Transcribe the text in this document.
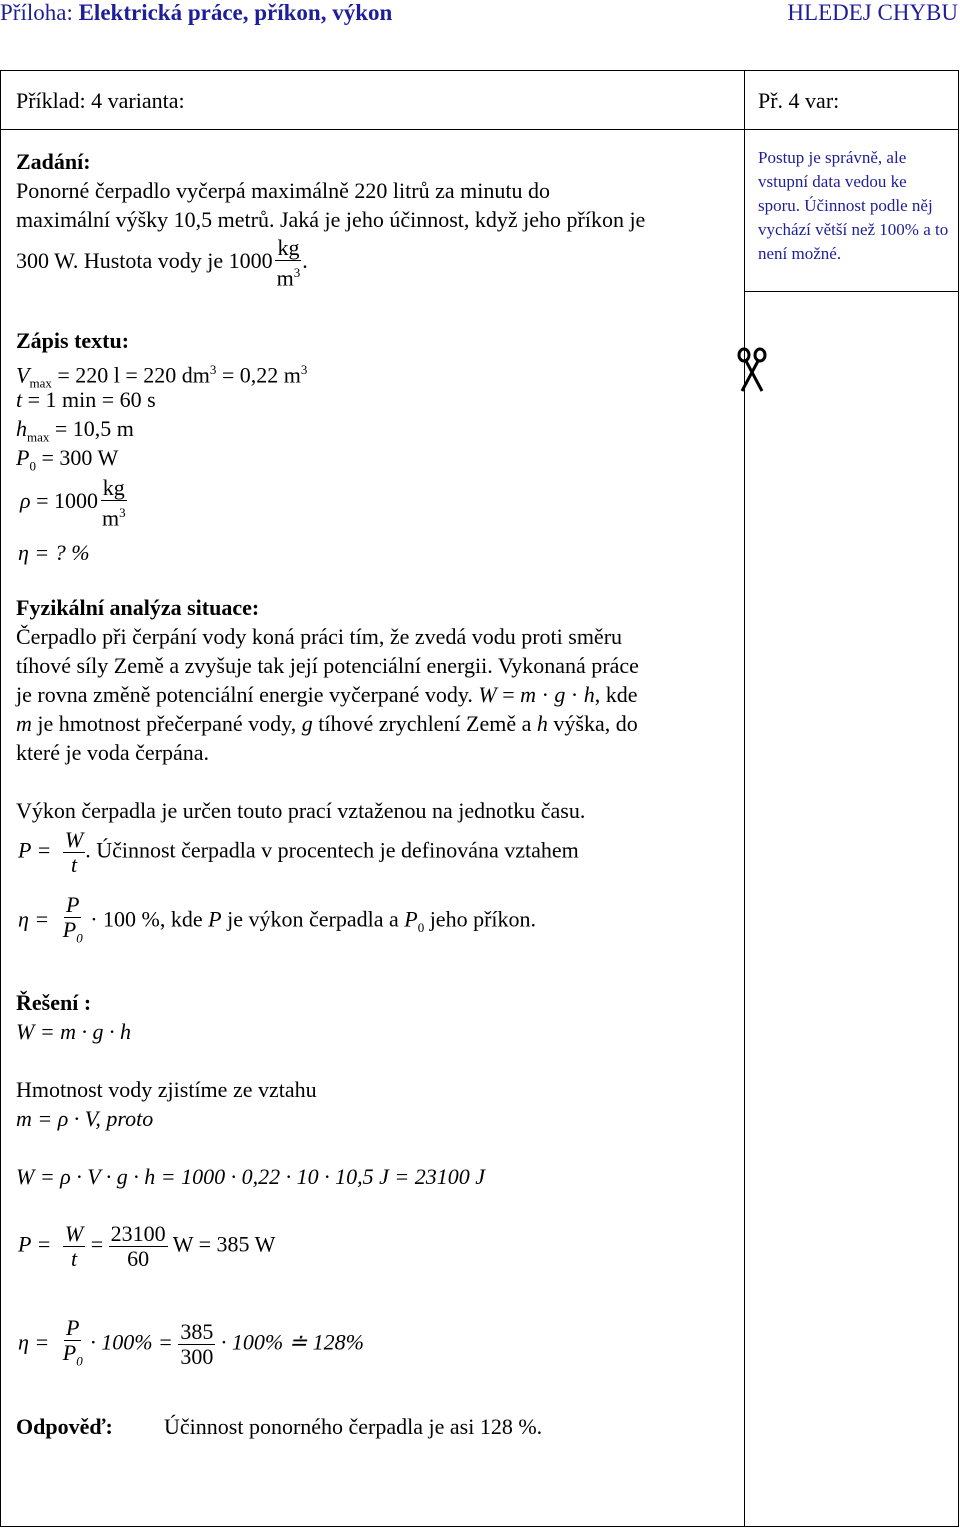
Příloha: Elektrická práce, příkon, výkon	HLEDEJ CHYBU
Příklad: 4 varianta:	Př. 4 var:
Postup je správně, ale vstupní data vedou ke sporu. Účinnost podle něj vychází větší než 100% a to není možné.
Zadání:
Ponorné čerpadlo vyčerpá maximálně 220 litrů za minutu do
maximální výšky 10,5 metrů. Jaká je jeho účinnost, když jeho příkon je
300 W. Hustota vody je $1000 \frac{kg}{m^3}$ .
Zápis textu:
$V_{max} = 220$ l = 220 $dm^3 = 0,22$ $m^3$
t = 1 min = 60 s
$h_{max} = 10,5$ m
$P_0 = 300$ W
$\rho = 1000 \frac{kg}{m^3}$
η = ? %
Fyzikální analýza situace:
Čerpadlo při čerpání vody koná práci tím, že zvedá vodu proti směru
tíhové síly Země a zvyšuje tak její potenciální energii. Vykonaná práce
je rovna změně potenciální energie vyčerpané vody. W = m · g · h, kde
m je hmotnost přečerpané vody, g tíhové zrychlení Země a h výška, do
které je voda čerpána.
Výkon čerpadla je určen touto prací vztaženou na jednotku času.
$P = \frac{W}{t}$ . Účinnost čerpadla v procentech je definována vztahem
$\eta = \frac{P}{P_0} \cdot 100$ %, kde P je výkon čerpadla a $P_0$ jeho příkon.
Řešení :
W = m · g · h
Hmotnost vody zjistíme ze vztahu
m = ρ · V, proto
W = ρ · V · g · h = 1000 · 0,22 · 10 · 10,5 J = 23100 J
$P = \frac{W}{t} = \frac{23100}{60}$ W = 385 W
$\eta = \frac{P}{P_0} \cdot 100\% = \frac{385}{300} \cdot 100\%$ ≐ 128%
Odpověď: Účinnost ponorného čerpadla je asi 128 %.
